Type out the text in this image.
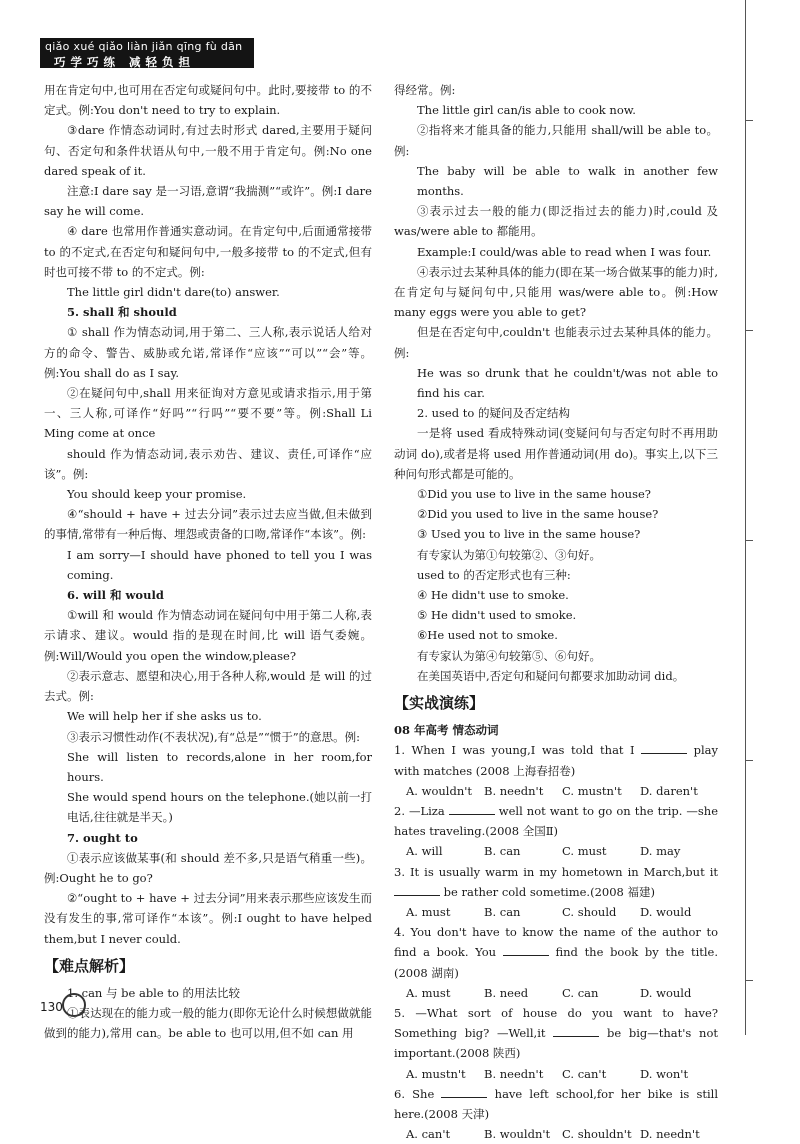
qiǎo xué qiǎo liàn jiǎn qīng fù dān
巧学巧练 减轻负担

用在肯定句中,也可用在否定句或疑问句中。此时,要接带 to 的不定式。例:You don't need to try to explain.

③dare 作情态动词时,有过去时形式 dared,主要用于疑问句、否定句和条件状语从句中,一般不用于肯定句。例:No one dared speak of it.

注意:I dare say 是一习语,意谓“我揣测”“或许”。例:I dare say he will come.

④ dare 也常用作普通实意动词。在肯定句中,后面通常接带 to 的不定式,在否定句和疑问句中,一般多接带 to 的不定式,但有时也可接不带 to 的不定式。例:

The little girl didn't dare(to) answer.

5. shall 和 should

① shall 作为情态动词,用于第二、三人称,表示说话人给对方的命令、警告、威胁或允诺,常译作“应该”“可以”“会”等。例:You shall do as I say.

②在疑问句中,shall 用来征询对方意见或请求指示,用于第一、三人称,可译作“好吗”“行吗”“要不要”等。例:Shall Li Ming come at once

should 作为情态动词,表示劝告、建议、责任,可译作“应该”。例:

You should keep your promise.

④“should + have + 过去分词”表示过去应当做,但未做到的事情,常带有一种后悔、埋怨或责备的口吻,常译作“本该”。例:

I am sorry—I should have phoned to tell you I was coming.

6. will 和 would

①will 和 would 作为情态动词在疑问句中用于第二人称,表示请求、建议。would 指的是现在时间,比 will 语气委婉。例:Will/Would you open the window,please?

②表示意志、愿望和决心,用于各种人称,would 是 will 的过去式。例:

We will help her if she asks us to.

③表示习惯性动作(不表状况),有“总是”“惯于”的意思。例:

She will listen to records,alone in her room,for hours.

She would spend hours on the telephone.(她以前一打电话,往往就是半天。)

7. ought to

①表示应该做某事(和 should 差不多,只是语气稍重一些)。例:Ought he to go?

②“ought to + have + 过去分词”用来表示那些应该发生而没有发生的事,常可译作“本该”。例:I ought to have helped them,but I never could.

【难点解析】

1. can 与 be able to 的用法比较

①表达现在的能力或一般的能力(即你无论什么时候想做就能做到的能力),常用 can。be able to 也可以用,但不如 can 用

得经常。例:

The little girl can/is able to cook now.

②指将来才能具备的能力,只能用 shall/will be able to。例:

The baby will be able to walk in another few months.

③表示过去一般的能力(即泛指过去的能力)时,could 及 was/were able to 都能用。

Example:I could/was able to read when I was four.

④表示过去某种具体的能力(即在某一场合做某事的能力)时,在肯定句与疑问句中,只能用 was/were able to。例:How many eggs were you able to get?

但是在否定句中,couldn't 也能表示过去某种具体的能力。例:

He was so drunk that he couldn't/was not able to find his car.

2. used to 的疑问及否定结构

一是将 used 看成特殊动词(变疑问句与否定句时不再用助动词 do),或者是将 used 用作普通动词(用 do)。事实上,以下三种问句形式都是可能的。

①Did you use to live in the same house?

②Did you used to live in the same house?

③ Used you to live in the same house?

有专家认为第①句较第②、③句好。

used to 的否定形式也有三种:

④ He didn't use to smoke.

⑤ He didn't used to smoke.

⑥He used not to smoke.

有专家认为第④句较第⑤、⑥句好。

在美国英语中,否定句和疑问句都要求加助动词 did。

【实战演练】

08 年高考 情态动词

1. When I was young,I was told that I	play with matches (2008 上海春招卷)

A. wouldn't	B. needn't	C. mustn't	D. daren't

2. —Liza	well not want to go on the trip. —she hates traveling.(2008 全国Ⅱ)

A. will	B. can	C. must	D. may

3. It is usually warm in my hometown in March,but it  be rather cold sometime.(2008 福建)

A. must	B. can	C. should	D. would

4. You don't have to know the name of the author to find a book. You	find the book by the title.(2008 湖南)

A. must	B. need	C. can	D. would

5. —What sort of house do you want to have? Something big? —Well,it	be big—that's not important.(2008 陕西)

A. mustn't	B. needn't	C. can't	D. won't

6. She	have left school,for her bike is still here.(2008 天津)

A. can't	B. wouldn't	C. shouldn't D. needn't
130
